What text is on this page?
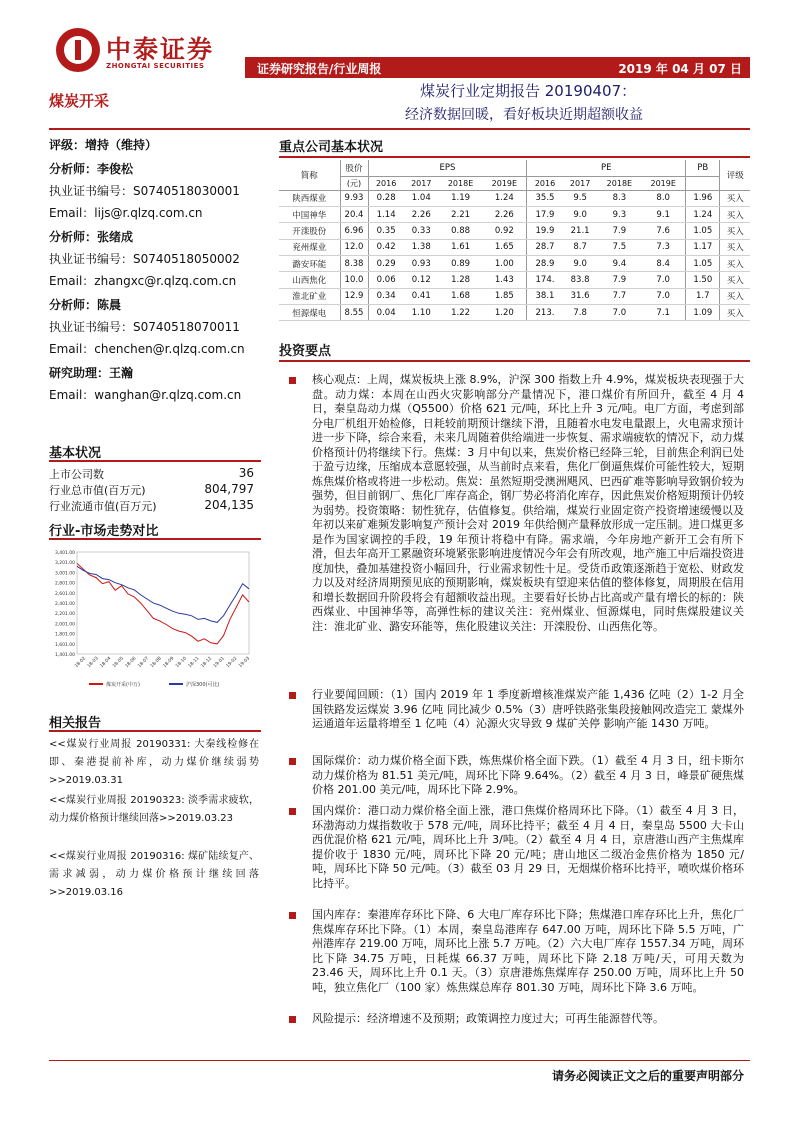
中泰证券
ZHONGTAI SECURITIES	证券研究报告/行业周报	2019 年 04 月 07 日
煤炭开采
煤炭行业定期报告 20190407：
经济数据回暖，看好板块近期超额收益
评级：增持（维持）
分析师：李俊松
执业证书编号：S0740518030001
Email：lijs@r.qlzq.com.cn
分析师：张绪成
执业证书编号：S0740518050002
Email：zhangxc@r.qlzq.com.cn
分析师：陈晨
执业证书编号：S0740518070011
Email：chenchen@r.qlzq.com.cn
研究助理：王瀚
Email：wanghan@r.qlzq.com.cn
基本状况
上市公司数	36
行业总市值(百万元)	804,797
行业流通市值(百万元)	204,135
行业-市场走势对比
3,401.00
3,201.00
3,001.00
2,801.00
2,601.00
2,401.00
2,201.00
2,001.00
1,801.00
1,601.00
1,401.00
18-02 18-03 18-04 18-05 18-06 18-07 18-08 18-09 18-10 18-11 18-12 19-01 19-02 19-03
煤炭开采(中万)	沪深300(可比)
相关报告
<<煤炭行业周报 20190331: 大秦线检修在即、秦港提前补库，动力煤价继续弱势>>2019.03.31
<<煤炭行业周报 20190323: 淡季需求疲软，动力煤价格预计继续回落>>2019.03.23
<<煤炭行业周报 20190316: 煤矿陆续复产、需求减弱，动力煤价格预计继续回落>>2019.03.16
重点公司基本状况
简称	股价	EPS				PE				PB	评级
	(元)	2016	2017	2018E	2019E	2016	2017	2018E	2019E		
陕西煤业	9.93	0.28	1.04	1.19	1.24	35.5	9.5	8.3	8.0	1.96	买入
中国神华	20.4	1.14	2.26	2.21	2.26	17.9	9.0	9.3	9.1	1.24	买入
开滦股份	6.96	0.35	0.33	0.88	0.92	19.9	21.1	7.9	7.6	1.05	买入
兖州煤业	12.0	0.42	1.38	1.61	1.65	28.7	8.7	7.5	7.3	1.17	买入
潞安环能	8.38	0.29	0.93	0.89	1.00	28.9	9.0	9.4	8.4	1.05	买入
山西焦化	10.0	0.06	0.12	1.28	1.43	174.	83.8	7.9	7.0	1.50	买入
淮北矿业	12.9	0.34	0.41	1.68	1.85	38.1	31.6	7.7	7.0	1.7	买入
恒源煤电	8.55	0.04	1.10	1.22	1.20	213.	7.8	7.0	7.1	1.09	买入
投资要点
核心观点：上周，煤炭板块上涨 8.9%，沪深 300 指数上升 4.9%，煤炭板块表现强于大盘。动力煤：本周在山西火灾影响部分产量情况下，港口煤价有所回升，截至 4 月 4 日，秦皇岛动力煤（Q5500）价格 621 元/吨，环比上升 3 元/吨。电厂方面，考虑到部分电厂机组开始检修，日耗较前期预计继续下滑，且随着水电发电量跟上，火电需求预计进一步下降，综合来看，未来几周随着供给端进一步恢复、需求端疲软的情况下，动力煤价格预计仍将继续下行。焦煤：3 月中旬以来，焦炭价格已经降三轮，目前焦企利润已处于盈亏边缘，压缩成本意愿较强，从当前时点来看，焦化厂倒逼焦煤价可能性较大，短期炼焦煤价格或将进一步松动。焦炭：虽然短期受澳洲飓风、巴西矿难等影响导致钢价较为强势，但目前钢厂、焦化厂库存高企，钢厂势必将消化库存，因此焦炭价格短期预计仍较为弱势。投资策略：韧性犹存，估值修复。供给端，煤炭行业固定资产投资增速缓慢以及年初以来矿难频发影响复产预计会对 2019 年供给侧产量释放形成一定压制。进口煤更多是作为国家调控的手段，19 年预计将稳中有降。需求端，今年房地产新开工会有所下滑，但去年高开工累融资环境紧张影响进度情况今年会有所改观，地产施工中后端投资进度加快，叠加基建投资小幅回升，行业需求韧性十足。受货币政策逐渐趋于宽松、财政发力以及对经济周期预见底的预期影响，煤炭板块有望迎来估值的整体修复，周期股在信用和增长数据回升阶段将会有超额收益出现。主要看好长协占比高或产量有增长的标的：陕西煤业、中国神华等，高弹性标的建议关注：兖州煤业、恒源煤电，同时焦煤股建议关注：淮北矿业、潞安环能等，焦化股建议关注：开滦股份、山西焦化等。
行业要闻回顾：（1）国内 2019 年 1 季度新增核准煤炭产能 1,436 亿吨（2）1-2 月全国铁路发运煤炭 3.96 亿吨 同比减少 0.5%（3）唐呼铁路张集段接触网改造完工 蒙煤外运通道年运量将增至 1 亿吨（4）沁源火灾导致 9 煤矿关停 影响产能 1430 万吨。
国际煤价：动力煤价格全面下跌，炼焦煤价格全面下跌。（1）截至 4 月 3 日，纽卡斯尔动力煤价格为 81.51 美元/吨，周环比下降 9.64%。（2）截至 4 月 3 日，峰景矿硬焦煤价格 201.00 美元/吨，周环比下降 2.9%。
国内煤价：港口动力煤价格全面上涨，港口焦煤价格周环比下降。（1）截至 4 月 3 日，环渤海动力煤指数收于 578 元/吨，周环比持平；截至 4 月 4 日，秦皇岛 5500 大卡山西优混价格 621 元/吨，周环比上升 3/吨。（2）截至 4 月 4 日，京唐港山西产主焦煤库提价收于 1830 元/吨，周环比下降 20 元/吨；唐山地区二级冶金焦价格为 1850 元/吨，周环比下降 50 元/吨。（3）截至 03 月 29 日，无烟煤价格环比持平，喷吹煤价格环比持平。
国内库存：秦港库存环比下降、6 大电厂库存环比下降；焦煤港口库存环比上升，焦化厂焦煤库存环比下降。（1）本周，秦皇岛港库存 647.00 万吨，周环比下降 5.5 万吨，广州港库存 219.00 万吨，周环比上涨 5.7 万吨。（2）六大电厂库存 1557.34 万吨，周环比下降 34.75 万吨，日耗煤 66.37 万吨，周环比下降 2.18 万吨/天，可用天数为 23.46 天，周环比上升 0.1 天。（3）京唐港炼焦煤库存 250.00 万吨，周环比上升 50 吨，独立焦化厂（100 家）炼焦煤总库存 801.30 万吨，周环比下降 3.6 万吨。
风险提示：经济增速不及预期；政策调控力度过大；可再生能源替代等。
请务必阅读正文之后的重要声明部分
